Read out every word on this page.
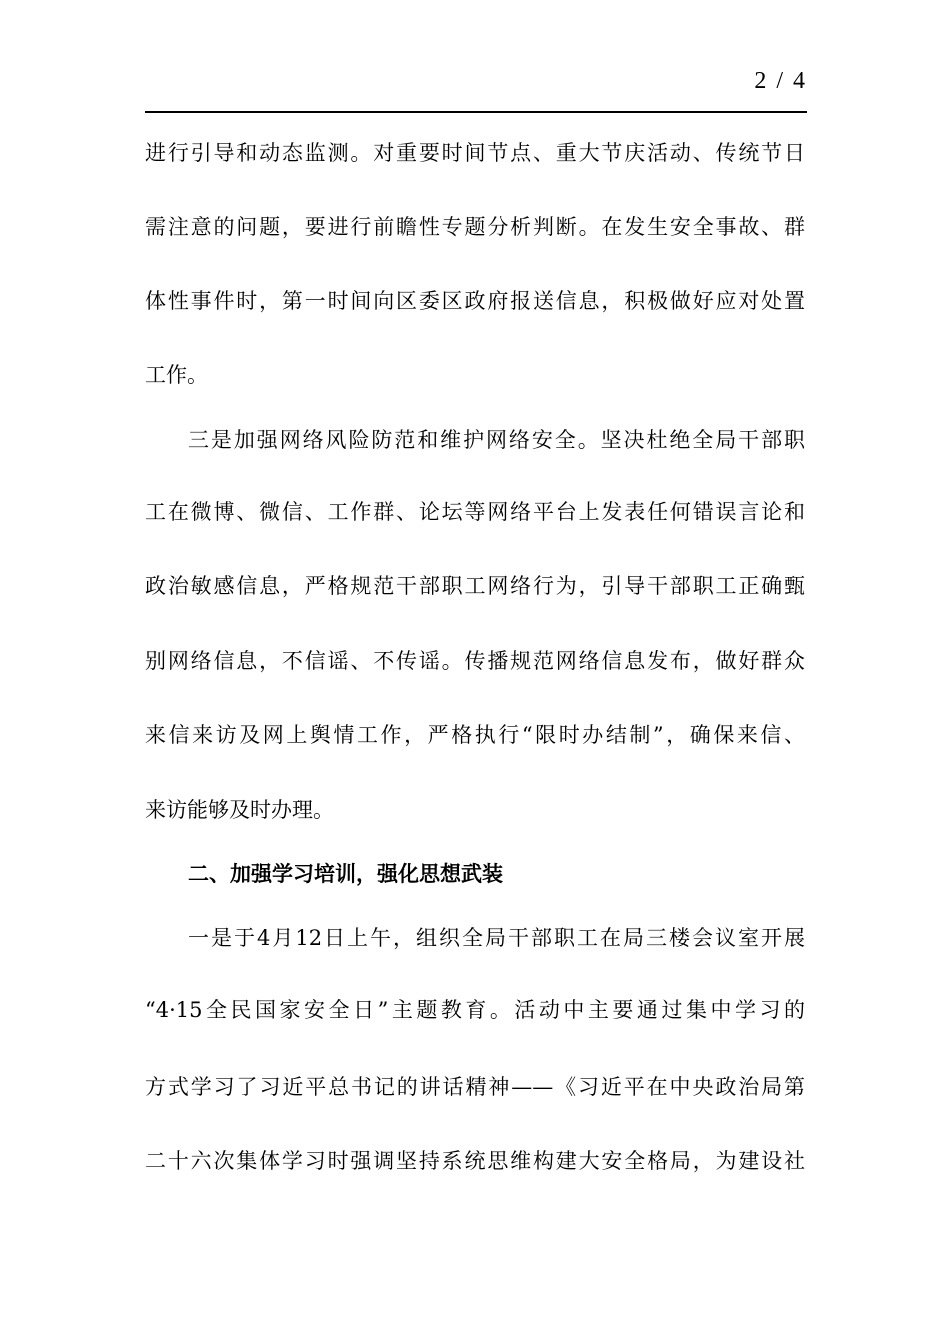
2 / 4
进行引导和动态监测。对重要时间节点、重大节庆活动、传统节日
需注意的问题，要进行前瞻性专题分析判断。在发生安全事故、群
体性事件时，第一时间向区委区政府报送信息，积极做好应对处置
工作。
三是加强网络风险防范和维护网络安全。坚决杜绝全局干部职
工在微博、微信、工作群、论坛等网络平台上发表任何错误言论和
政治敏感信息，严格规范干部职工网络行为，引导干部职工正确甄
别网络信息，不信谣、不传谣。传播规范网络信息发布，做好群众
来信来访及网上舆情工作，严格执行“限时办结制”，确保来信、
来访能够及时办理。
二、加强学习培训，强化思想武装
一是于4月12日上午，组织全局干部职工在局三楼会议室开展
“4·15全民国家安全日”主题教育。活动中主要通过集中学习的
方式学习了习近平总书记的讲话精神——《习近平在中央政治局第
二十六次集体学习时强调坚持系统思维构建大安全格局，为建设社
